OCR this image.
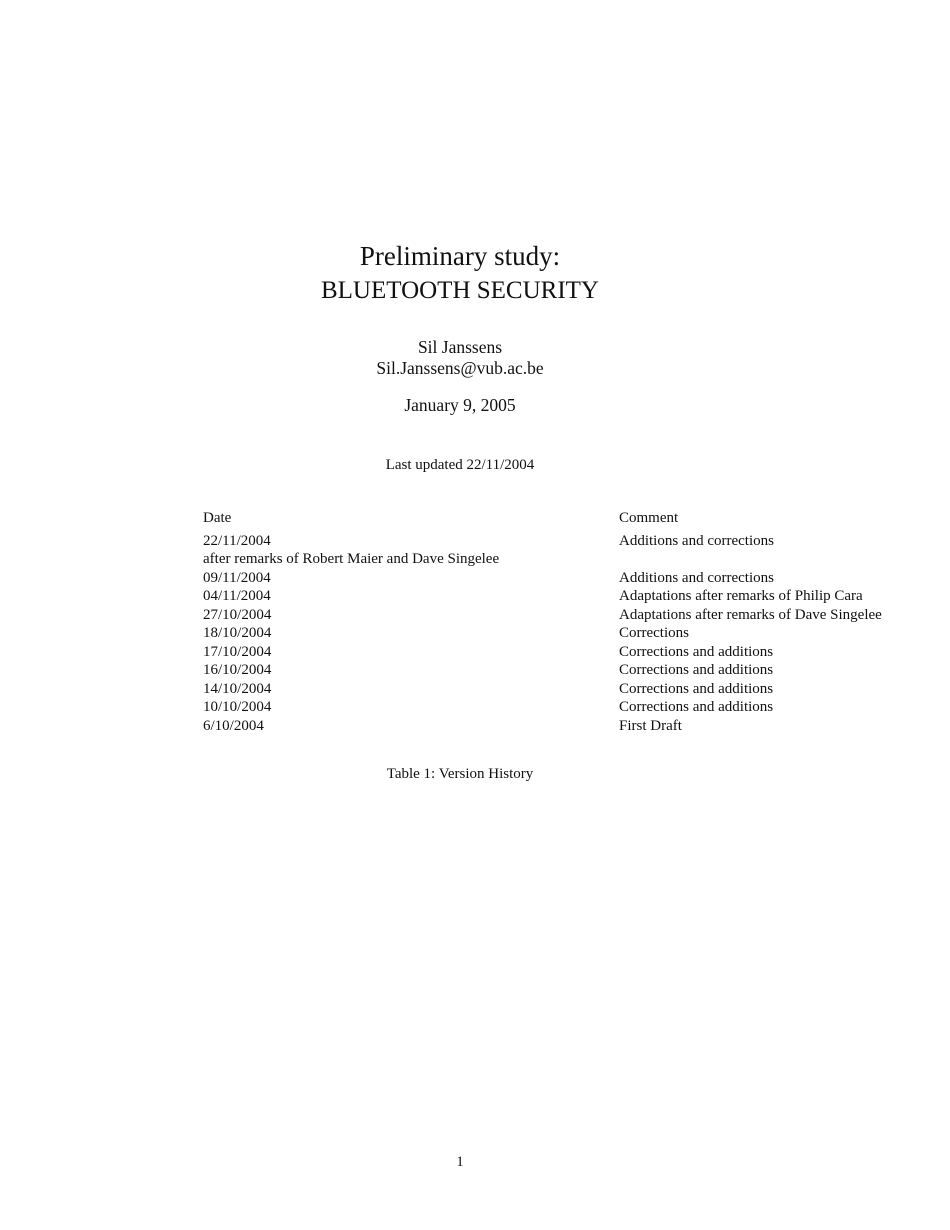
Preliminary study:
BLUETOOTH SECURITY
Sil Janssens
Sil.Janssens@vub.ac.be
January 9, 2005
Last updated 22/11/2004
Date	Comment
22/11/2004	Additions and corrections
after remarks of Robert Maier and Dave Singelee
09/11/2004	Additions and corrections
04/11/2004	Adaptations after remarks of Philip Cara
27/10/2004	Adaptations after remarks of Dave Singelee
18/10/2004	Corrections
17/10/2004	Corrections and additions
16/10/2004	Corrections and additions
14/10/2004	Corrections and additions
10/10/2004	Corrections and additions
6/10/2004	First Draft
Table 1: Version History
1
